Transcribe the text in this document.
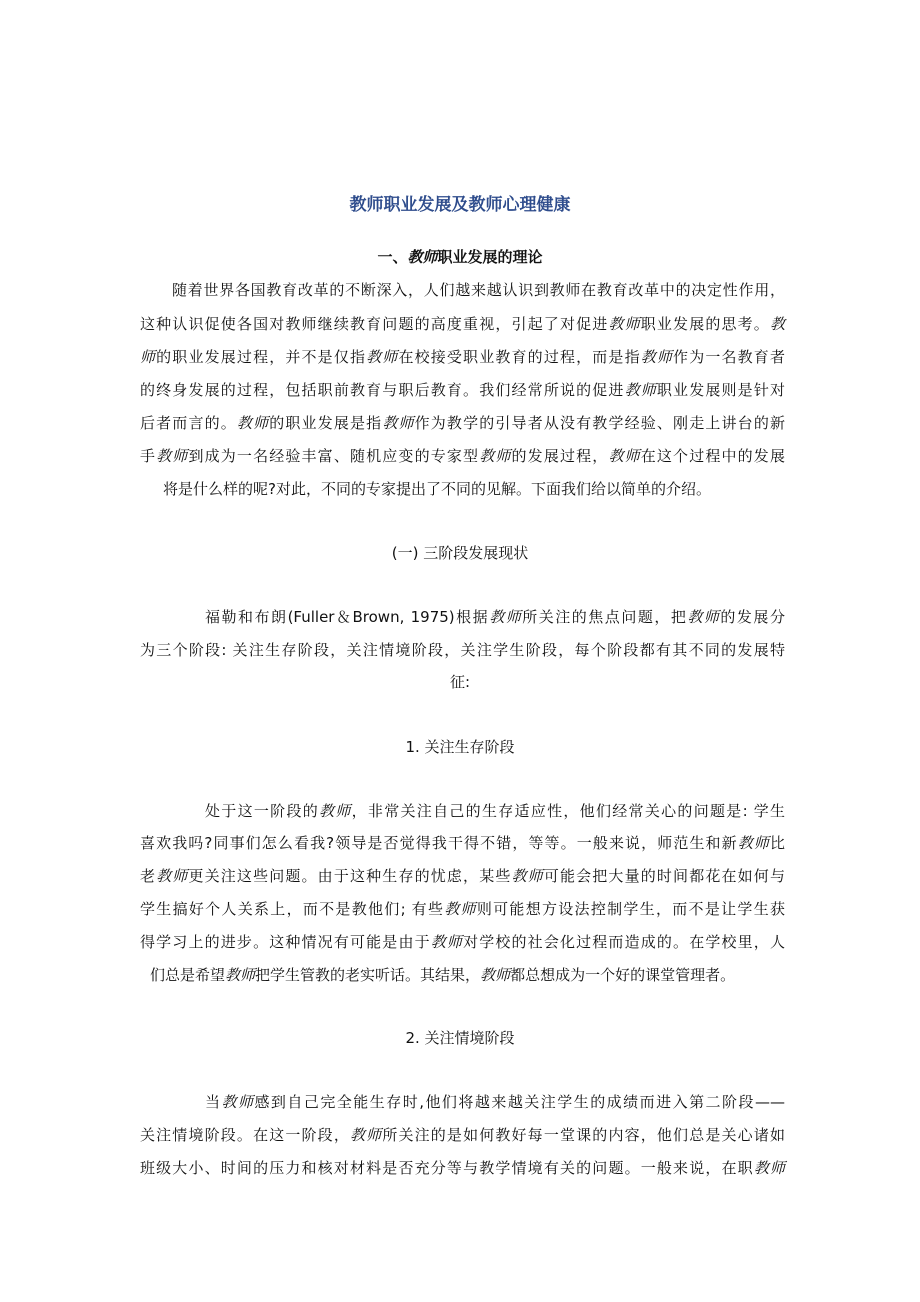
教师职业发展及教师心理健康
一、教师职业发展的理论
随着世界各国教育改革的不断深入，人们越来越认识到教师在教育改革中的决定性作用，
这种认识促使各国对教师继续教育问题的高度重视，引起了对促进教师职业发展的思考。教
师的职业发展过程，并不是仅指教师在校接受职业教育的过程，而是指教师作为一名教育者
的终身发展的过程，包括职前教育与职后教育。我们经常所说的促进教师职业发展则是针对
后者而言的。教师的职业发展是指教师作为教学的引导者从没有教学经验、刚走上讲台的新
手教师到成为一名经验丰富、随机应变的专家型教师的发展过程，教师在这个过程中的发展
将是什么样的呢?对此，不同的专家提出了不同的见解。下面我们给以简单的介绍。
(一) 三阶段发展现状
福勒和布朗(Fuller＆Brown, 1975)根据教师所关注的焦点问题，把教师的发展分
为三个阶段: 关注生存阶段，关注情境阶段，关注学生阶段，每个阶段都有其不同的发展特
征:
1. 关注生存阶段
处于这一阶段的教师，非常关注自己的生存适应性，他们经常关心的问题是: 学生
喜欢我吗?同事们怎么看我?领导是否觉得我干得不错，等等。一般来说，师范生和新教师比
老教师更关注这些问题。由于这种生存的忧虑，某些教师可能会把大量的时间都花在如何与
学生搞好个人关系上，而不是教他们; 有些教师则可能想方设法控制学生，而不是让学生获
得学习上的进步。这种情况有可能是由于教师对学校的社会化过程而造成的。在学校里，人
们总是希望教师把学生管教的老实听话。其结果，教师都总想成为一个好的课堂管理者。
2. 关注情境阶段
当教师感到自己完全能生存时,他们将越来越关注学生的成绩而进入第二阶段——
关注情境阶段。在这一阶段，教师所关注的是如何教好每一堂课的内容，他们总是关心诸如
班级大小、时间的压力和核对材料是否充分等与教学情境有关的问题。一般来说，在职教师
